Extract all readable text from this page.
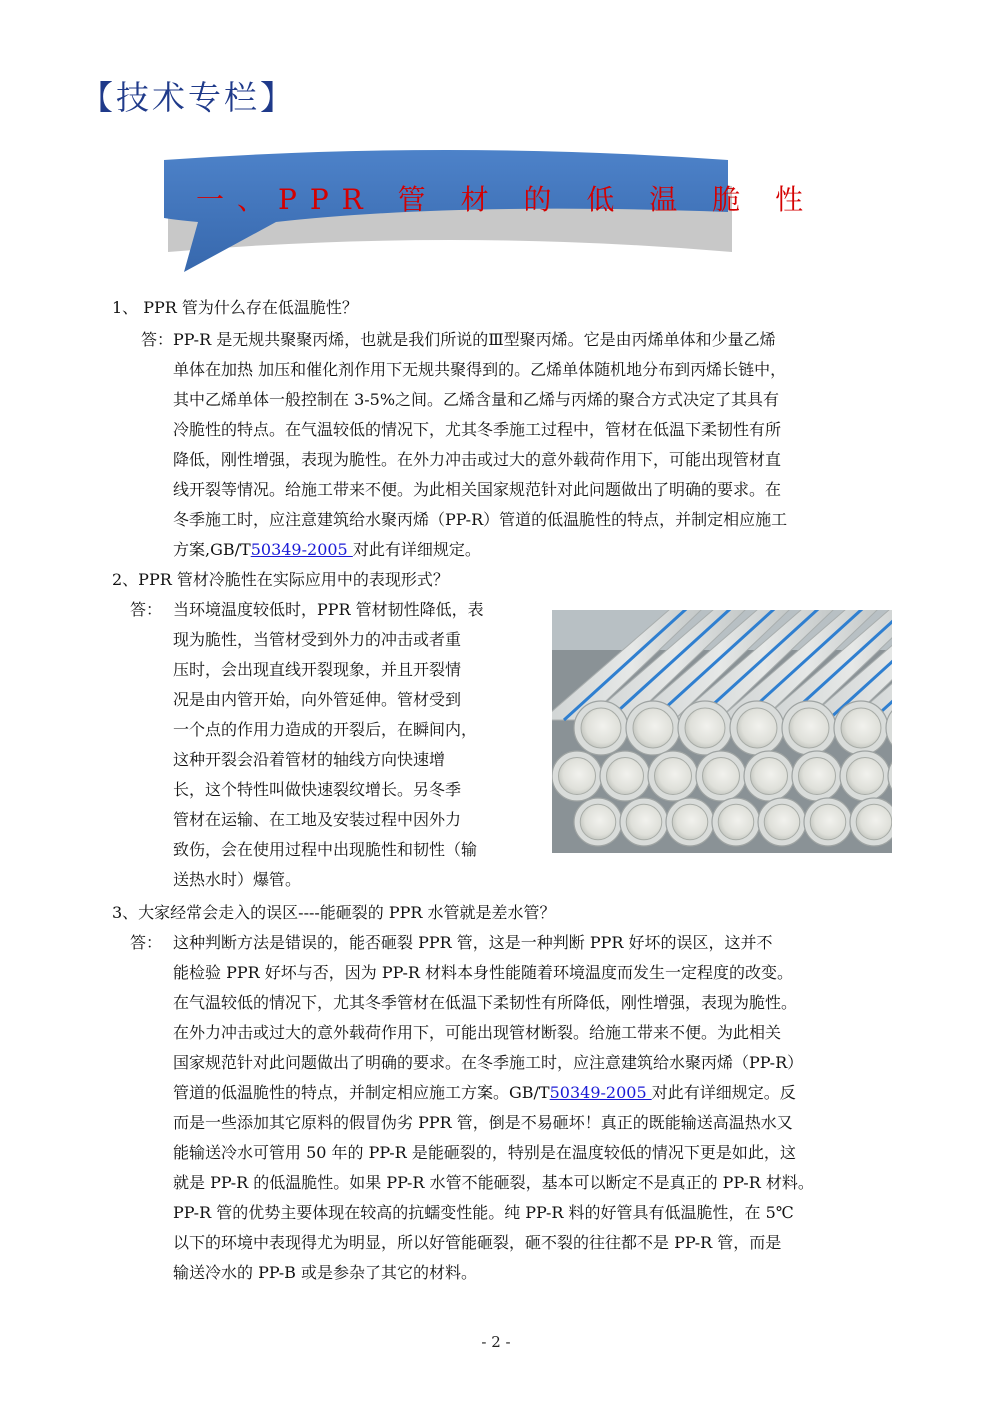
【技术专栏】
一、PPR 管 材 的 低 温 脆 性
1、 PPR 管为什么存在低温脆性？
答： PP-R 是无规共聚聚丙烯，也就是我们所说的Ⅲ型聚丙烯。它是由丙烯单体和少量乙烯
单体在加热 加压和催化剂作用下无规共聚得到的。乙烯单体随机地分布到丙烯长链中，
其中乙烯单体一般控制在 3-5%之间。乙烯含量和乙烯与丙烯的聚合方式决定了其具有
冷脆性的特点。在气温较低的情况下，尤其冬季施工过程中，管材在低温下柔韧性有所
降低，刚性增强，表现为脆性。在外力冲击或过大的意外载荷作用下，可能出现管材直
线开裂等情况。给施工带来不便。为此相关国家规范针对此问题做出了明确的要求。在
冬季施工时，应注意建筑给水聚丙烯（PP-R）管道的低温脆性的特点，并制定相应施工
方案,GB/T50349-2005 对此有详细规定。
2、PPR 管材冷脆性在实际应用中的表现形式？
答： 当环境温度较低时，PPR 管材韧性降低，表
现为脆性，当管材受到外力的冲击或者重
压时，会出现直线开裂现象，并且开裂情
况是由内管开始，向外管延伸。管材受到
一个点的作用力造成的开裂后，在瞬间内，
这种开裂会沿着管材的轴线方向快速增
长，这个特性叫做快速裂纹增长。另冬季
管材在运输、在工地及安装过程中因外力
致伤，会在使用过程中出现脆性和韧性（输
送热水时）爆管。
3、大家经常会走入的误区----能砸裂的 PPR 水管就是差水管？
答： 这种判断方法是错误的，能否砸裂 PPR 管，这是一种判断 PPR 好坏的误区，这并不
能检验 PPR 好坏与否，因为 PP-R 材料本身性能随着环境温度而发生一定程度的改变。
在气温较低的情况下，尤其冬季管材在低温下柔韧性有所降低，刚性增强，表现为脆性。
在外力冲击或过大的意外载荷作用下，可能出现管材断裂。给施工带来不便。为此相关
国家规范针对此问题做出了明确的要求。在冬季施工时，应注意建筑给水聚丙烯（PP-R）
管道的低温脆性的特点，并制定相应施工方案。GB/T50349-2005 对此有详细规定。反
而是一些添加其它原料的假冒伪劣 PPR 管，倒是不易砸坏！真正的既能输送高温热水又
能输送冷水可管用 50 年的 PP-R 是能砸裂的，特别是在温度较低的情况下更是如此，这
就是 PP-R 的低温脆性。如果 PP-R 水管不能砸裂，基本可以断定不是真正的 PP-R 材料。
PP-R 管的优势主要体现在较高的抗蠕变性能。纯 PP-R 料的好管具有低温脆性，在 5℃
以下的环境中表现得尤为明显，所以好管能砸裂，砸不裂的往往都不是 PP-R 管，而是
输送冷水的 PP-B 或是参杂了其它的材料。
- 2 -
